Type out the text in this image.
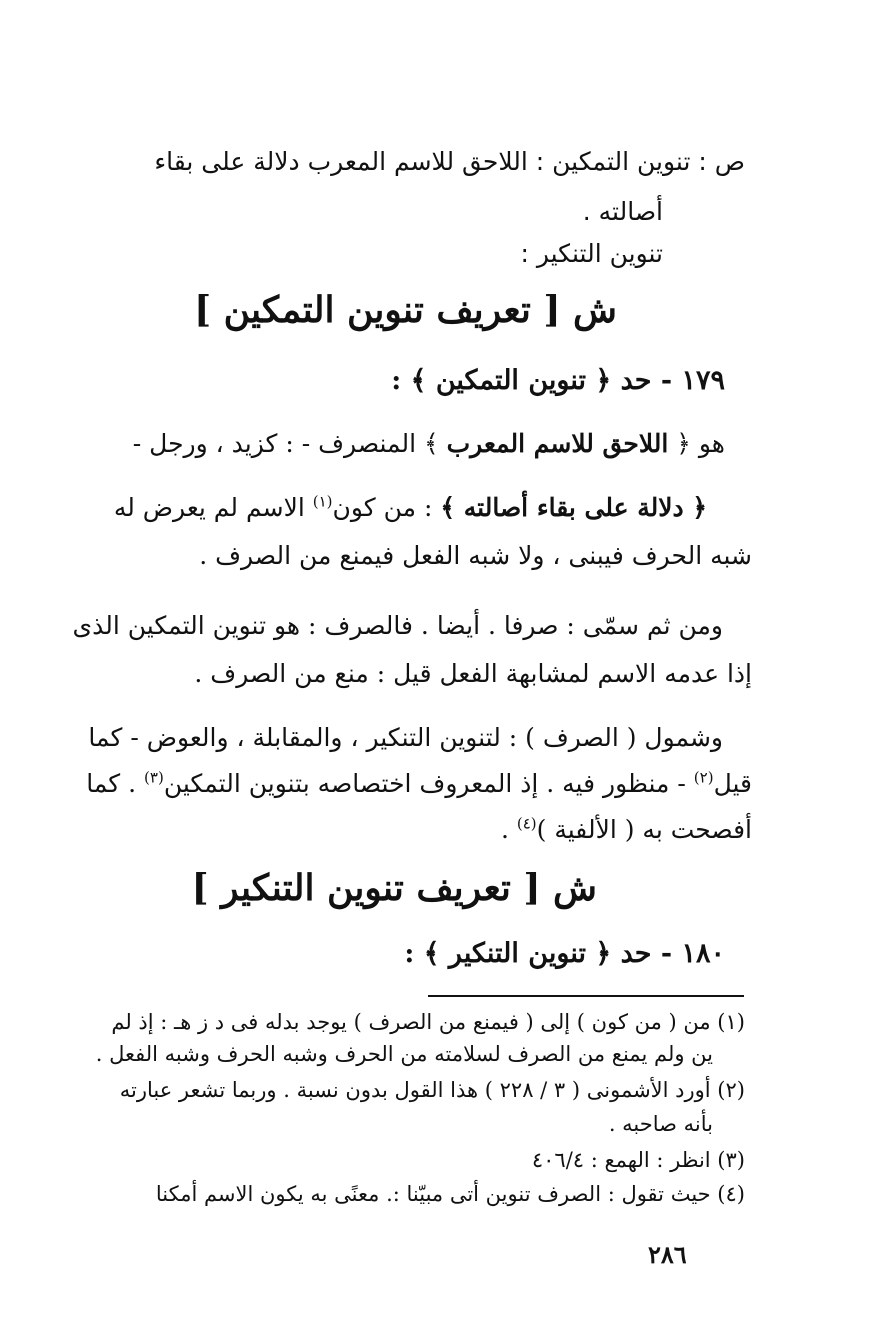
ص : تنوين التمكين : اللاحق للاسم المعرب دلالة على بقاء
أصالته .
تنوين التنكير :
ش [ تعريف تنوين التمكين ]
١٧٩ - حد ﴿ تنوين التمكين ﴾ :
هو ﴿ اللاحق للاسم المعرب ﴾ المنصرف - : كزيد ، ورجل -
﴿ دلالة على بقاء أصالته ﴾ : من كون$^{(١)}$ الاسم لم يعرض له
شبه الحرف فيبنى ، ولا شبه الفعل فيمنع من الصرف .
ومن ثم سمّى : صرفا . أيضا . فالصرف : هو تنوين التمكين الذى
إذا عدمه الاسم لمشابهة الفعل قيل : منع من الصرف .
وشمول ( الصرف ) : لتنوين التنكير ، والمقابلة ، والعوض - كما
قيل$^{(٢)}$ - منظور فيه . إذ المعروف اختصاصه بتنوين التمكين$^{(٣)}$ . كما
أفصحت به ( الألفية )$^{(٤)}$ .
ش [ تعريف تنوين التنكير ]
١٨٠ - حد ﴿ تنوين التنكير ﴾ :
(١) من ( من كون ) إلى ( فيمنع من الصرف ) يوجد بدله فى د ز هـ : إذ لم
ين ولم يمنع من الصرف لسلامته من الحرف وشبه الحرف وشبه الفعل .
(٢) أورد الأشمونى ( ٣ / ٢٢٨ ) هذا القول بدون نسبة . وربما تشعر عبارته
بأنه صاحبه .
(٣) انظر : الهمع : ٤٠٦/٤
(٤) حيث تقول : الصرف تنوين أتى مبيّنا :. معنًى به يكون الاسم أمكنا
٢٨٦
